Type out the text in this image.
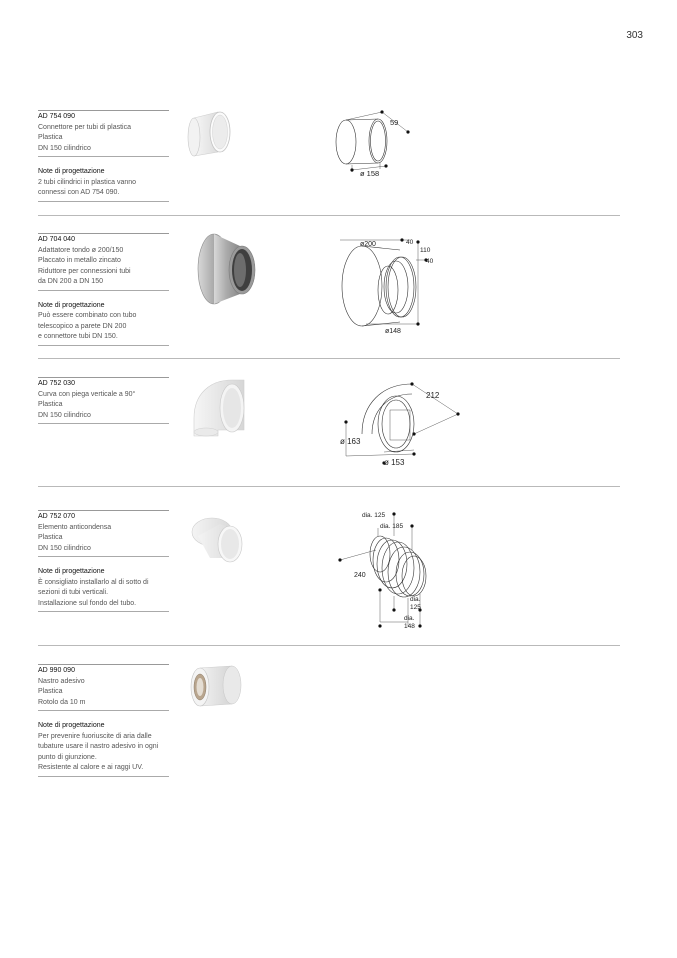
303
AD 754 090
Connettore per tubi di plastica
Plastica
DN 150 cilindrico
Note di progettazione
2 tubi cilindrici in plastica vanno
connessi con AD 754 090.
59
ø 158
AD 704 040
Adattatore tondo ø 200/150
Placcato in metallo zincato
Riduttore per connessioni tubi
da DN 200 a DN 150
Note di progettazione
Può essere combinato con tubo
telescopico a parete DN 200
e connettore tubi DN 150.
ø200	40
110
40
ø148
AD 752 030
Curva con piega verticale a 90°
Plastica
DN 150 cilindrico
212
ø 163
ø 153
AD 752 070
Elemento anticondensa
Plastica
DN 150 cilindrico
Note di progettazione
È consigliato installarlo al di sotto di
sezioni di tubi verticali.
Installazione sul fondo del tubo.
dia. 125
dia. 185
240
dia.
125
dia.
148
AD 990 090
Nastro adesivo
Plastica
Rotolo da 10 m
Note di progettazione
Per prevenire fuoriuscite di aria dalle
tubature usare il nastro adesivo in ogni
punto di giunzione.
Resistente al calore e ai raggi UV.
